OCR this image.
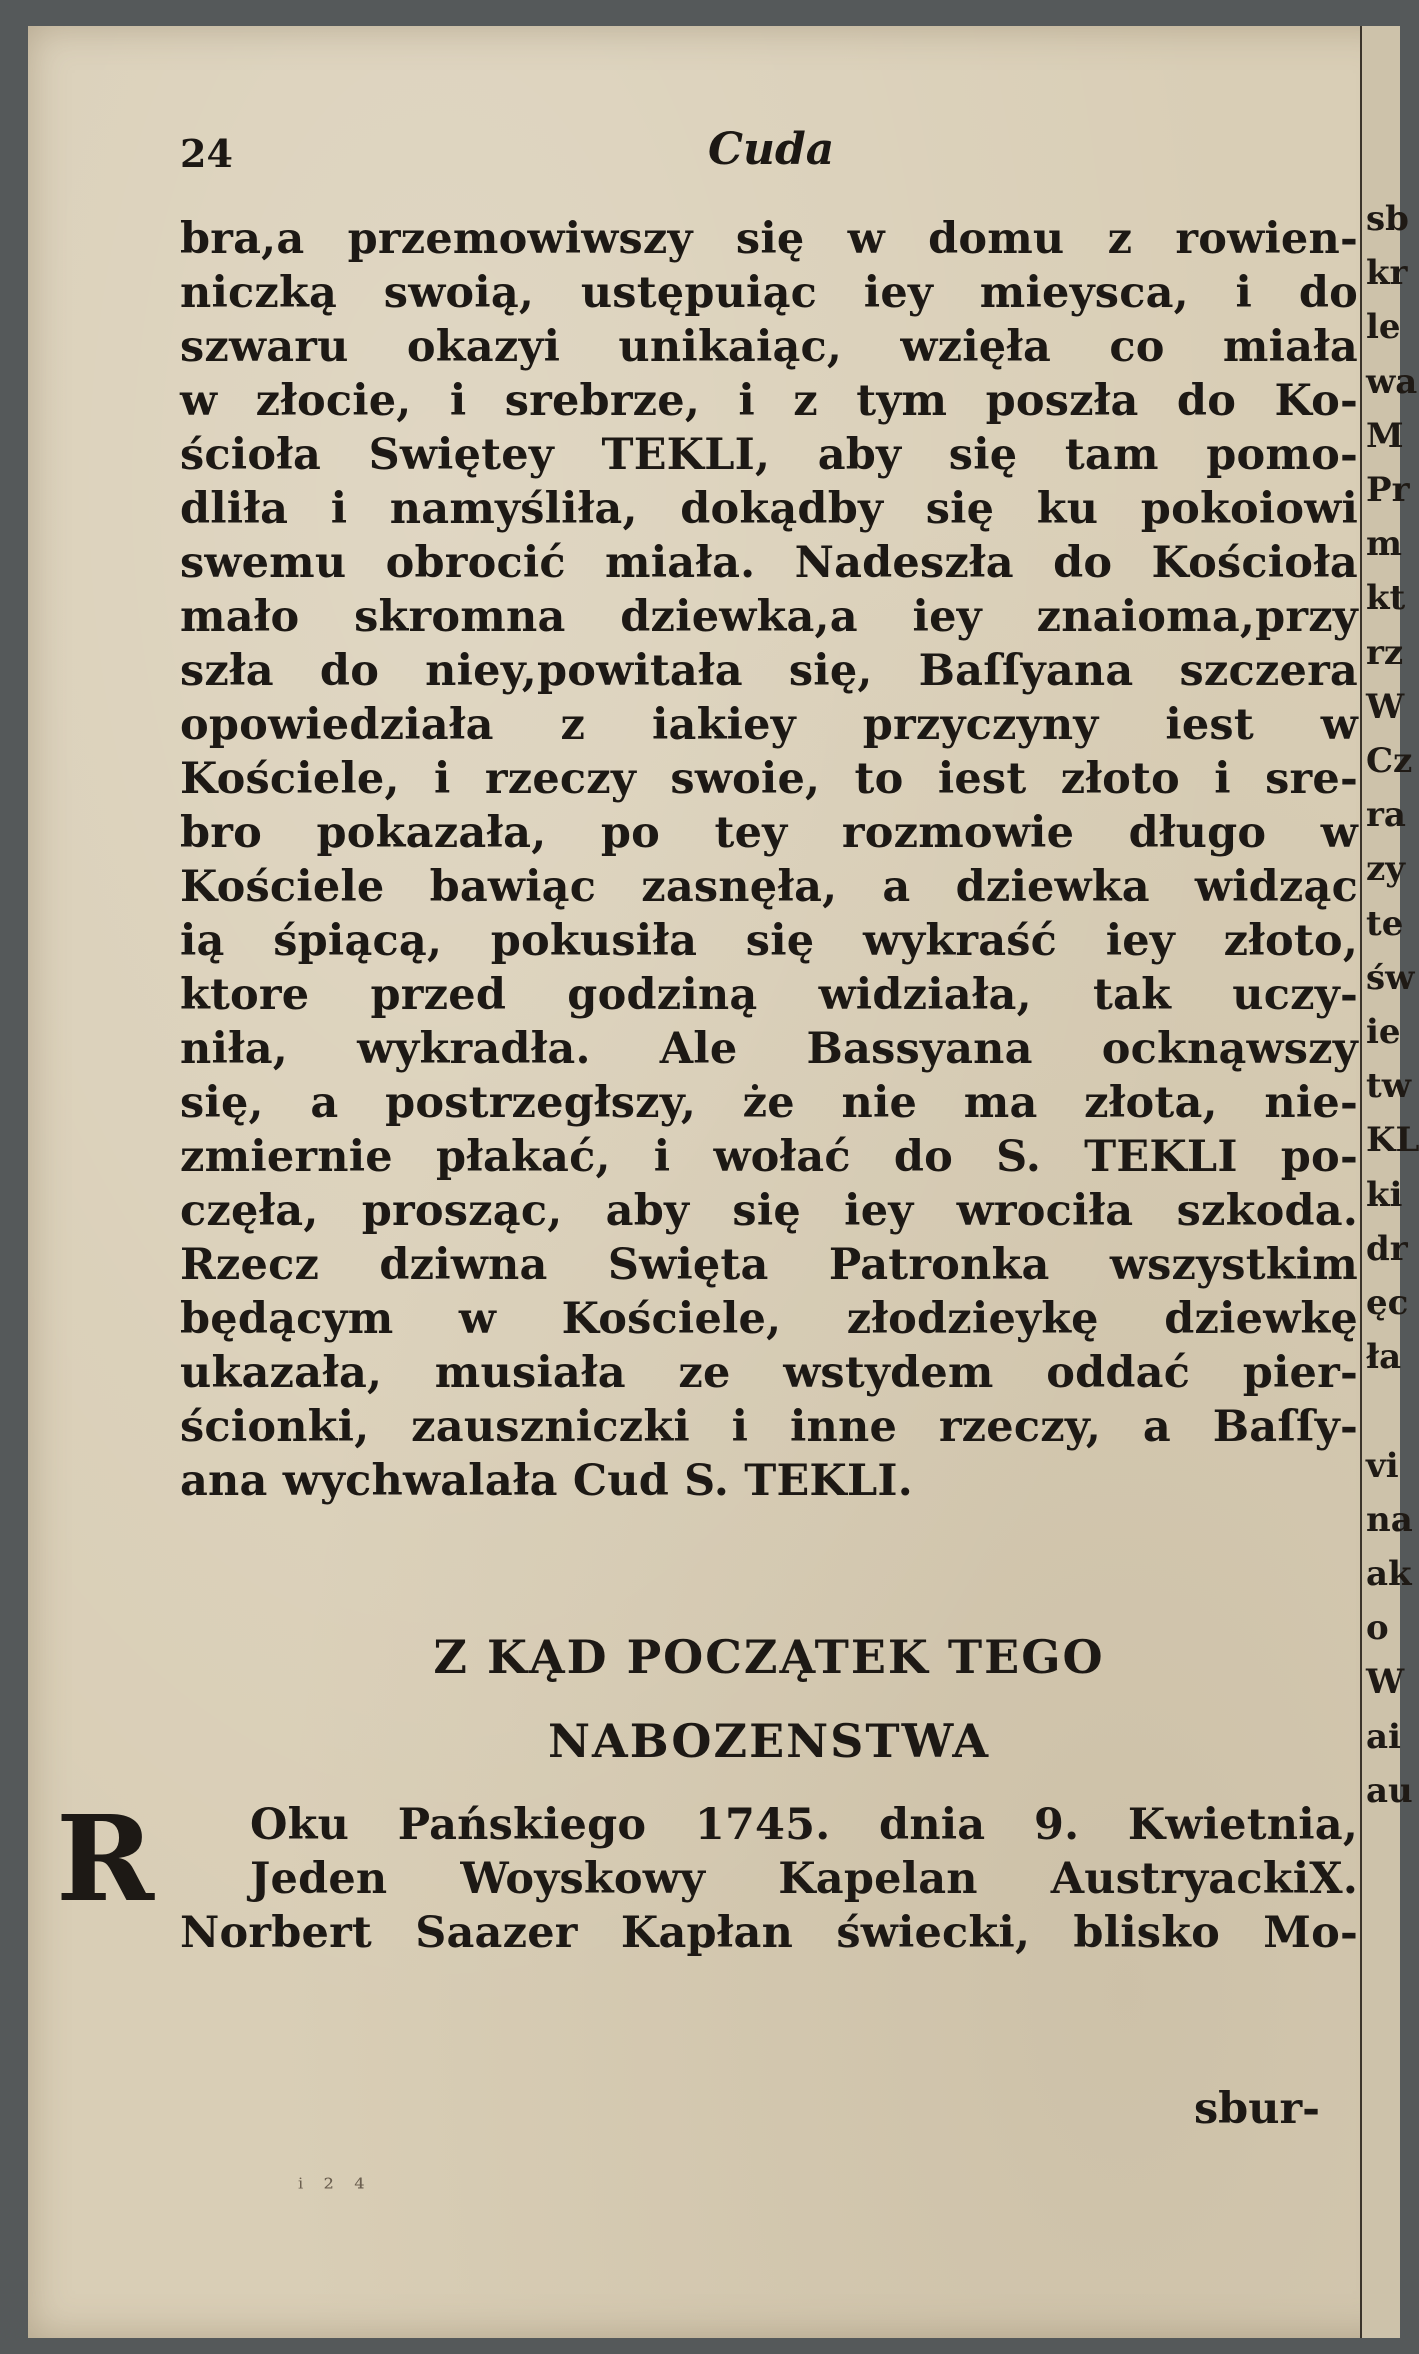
24	Cuda
bra,a przemowiwszy się w domu z rowien-
niczką swoią, ustępuiąc iey mieysca, i do
szwaru okazyi unikaiąc, wzięła co miała
w złocie, i srebrze, i z tym poszła do Ko-
ścioła Swiętey TEKLI, aby się tam pomo-
dliła i namyśliła, dokądby się ku pokoiowi
swemu obrocić miała. Nadeszła do Kościoła
mało skromna dziewka,a iey znaioma,przy
szła do niey,powitała się, Baſſyana szczera
opowiedziała z iakiey przyczyny iest w
Kościele, i rzeczy swoie, to iest złoto i sre-
bro pokazała, po tey rozmowie długo w
Kościele bawiąc zasnęła, a dziewka widząc
ią śpiącą, pokusiła się wykraść iey złoto,
ktore przed godziną widziała, tak uczy-
niła, wykradła. Ale Bassyana ocknąwszy
się, a postrzegłszy, że nie ma złota, nie-
zmiernie płakać, i wołać do S. TEKLI po-
częła, prosząc, aby się iey wrociła szkoda.
Rzecz dziwna Swięta Patronka wszystkim
będącym w Kościele, złodzieykę dziewkę
ukazała, musiała ze wstydem oddać pier-
ścionki, zauszniczki i inne rzeczy, a Baſſy-
ana wychwalała Cud S. TEKLI.
Z KĄD POCZĄTEK TEGO
NABOZENSTWA
R Oku Pańskiego 1745. dnia 9. Kwietnia,
Jeden Woyskowy Kapelan AustryackiX.
Norbert Saazer Kapłan świecki, blisko Mo-
sbur-
ⁱ ² ⁴
sb
kr
le
wa
M
Pr
m
kt
rz
W
Cz
ra
zy
te
św
ie
tw
KL
ki
dr
ęc
ła
vi
na
ak
o
W
ai
au
